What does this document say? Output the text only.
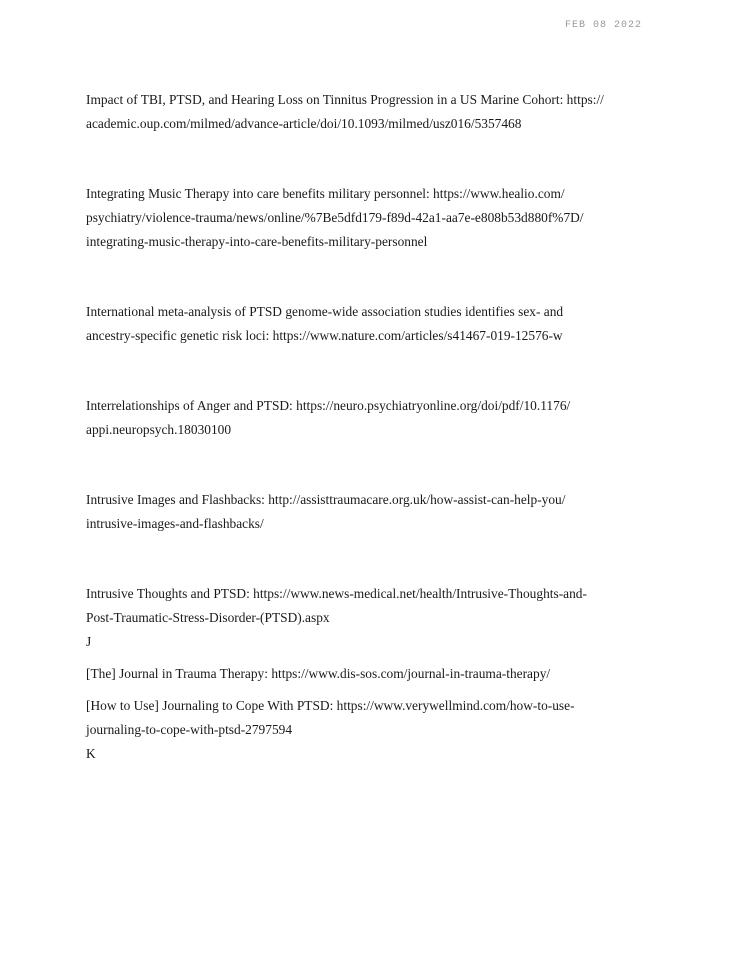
FEB 08 2022

Impact of TBI, PTSD, and Hearing Loss on Tinnitus Progression in a US Marine Cohort: https://
academic.oup.com/milmed/advance-article/doi/10.1093/milmed/usz016/5357468

Integrating Music Therapy into care benefits military personnel: https://www.healio.com/
psychiatry/violence-trauma/news/online/%7Be5dfd179-f89d-42a1-aa7e-e808b53d880f%7D/
integrating-music-therapy-into-care-benefits-military-personnel

International meta-analysis of PTSD genome-wide association studies identifies sex- and
ancestry-specific genetic risk loci: https://www.nature.com/articles/s41467-019-12576-w

Interrelationships of Anger and PTSD: https://neuro.psychiatryonline.org/doi/pdf/10.1176/
appi.neuropsych.18030100

Intrusive Images and Flashbacks: http://assisttraumacare.org.uk/how-assist-can-help-you/
intrusive-images-and-flashbacks/

Intrusive Thoughts and PTSD: https://www.news-medical.net/health/Intrusive-Thoughts-and-
Post-Traumatic-Stress-Disorder-(PTSD).aspx

J

[The] Journal in Trauma Therapy: https://www.dis-sos.com/journal-in-trauma-therapy/

[How to Use] Journaling to Cope With PTSD: https://www.verywellmind.com/how-to-use-
journaling-to-cope-with-ptsd-2797594

K
